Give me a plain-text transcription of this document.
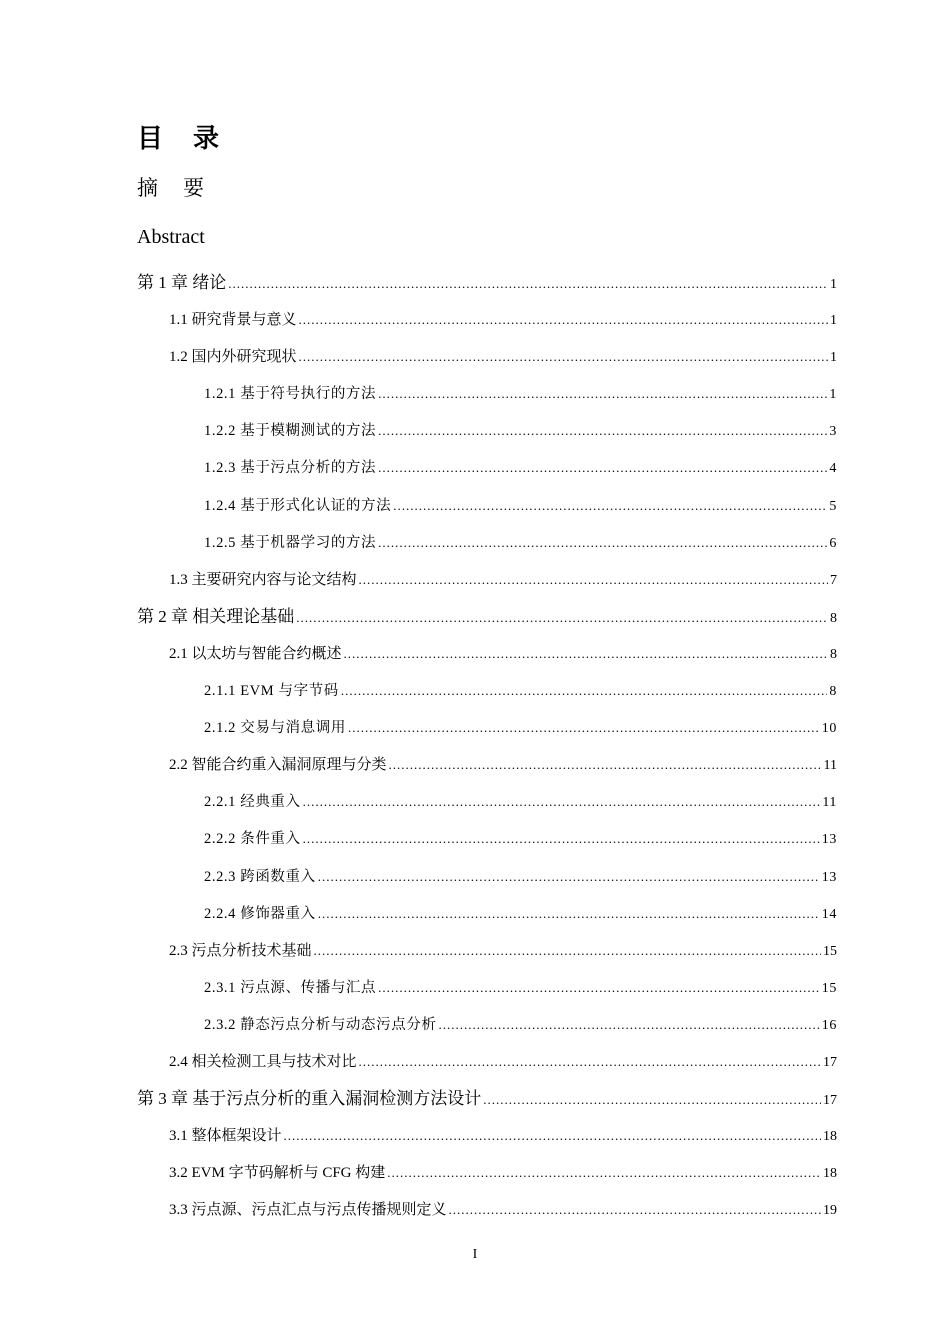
目　录
摘　要
Abstract
第 1 章 绪论 .....	1
1.1 研究背景与意义 .....	1
1.2 国内外研究现状 .....	1
1.2.1 基于符号执行的方法 .....	1
1.2.2 基于模糊测试的方法 .....	3
1.2.3 基于污点分析的方法 .....	4
1.2.4 基于形式化认证的方法 .....	5
1.2.5 基于机器学习的方法 .....	6
1.3 主要研究内容与论文结构 .....	7
第 2 章 相关理论基础 .....	8
2.1 以太坊与智能合约概述 .....	8
2.1.1 EVM 与字节码 .....	8
2.1.2 交易与消息调用 .....	10
2.2 智能合约重入漏洞原理与分类 .....	11
2.2.1 经典重入 .....	11
2.2.2 条件重入 .....	13
2.2.3 跨函数重入 .....	13
2.2.4 修饰器重入 .....	14
2.3 污点分析技术基础 .....	15
2.3.1 污点源、传播与汇点 .....	15
2.3.2 静态污点分析与动态污点分析 .....	16
2.4 相关检测工具与技术对比 .....	17
第 3 章 基于污点分析的重入漏洞检测方法设计 .....	17
3.1 整体框架设计 .....	18
3.2 EVM 字节码解析与 CFG 构建 .....	18
3.3 污点源、污点汇点与污点传播规则定义 .....	19
I
